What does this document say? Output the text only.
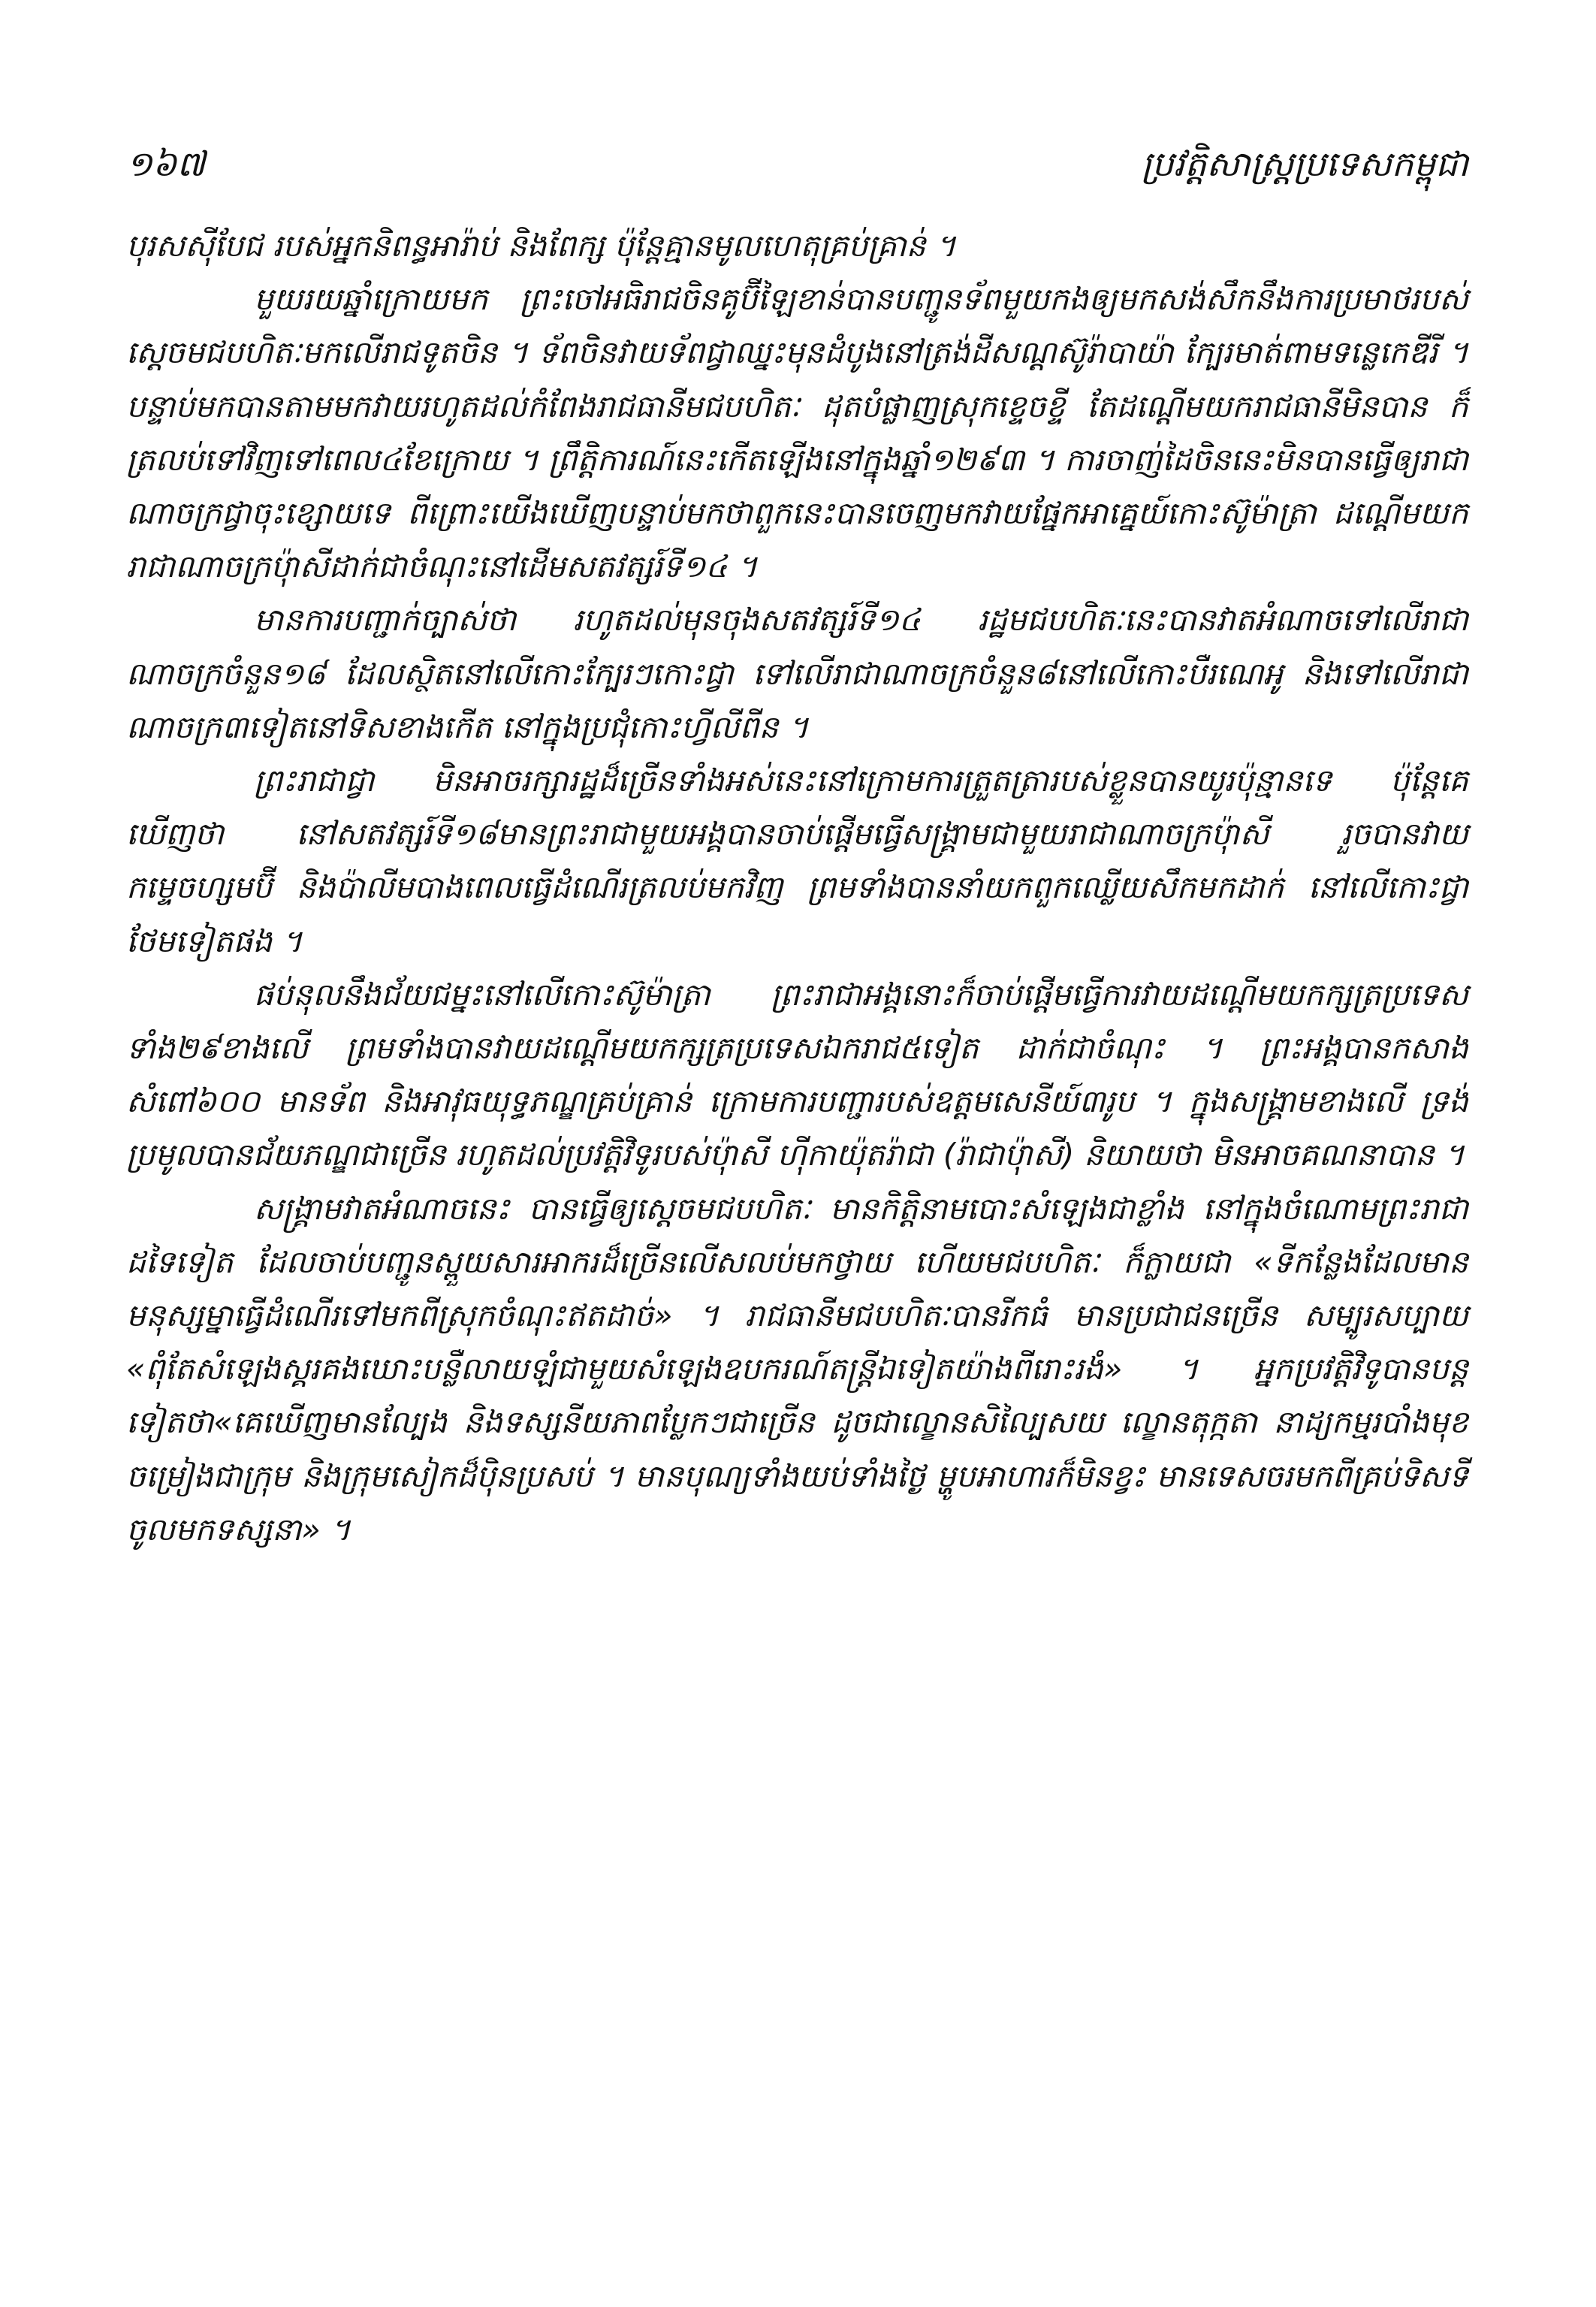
១៦៧	ប្រវត្តិសាស្ត្រប្រទេសកម្ពុជា

បុរសស៊ីបែជ របស់អ្នកនិពន្ធអារ៉ាប់ និងពែក្ស ប៉ុន្តែគ្មានមូលហេតុគ្រប់គ្រាន់ ។

មួយរយឆ្នាំក្រោយមក ព្រះចៅអធិរាជចិនគូប៊ីឡៃខាន់បានបញ្ជូនទ័ពមួយកងឲ្យមកសង់សឹកនឹងការប្រមាថរបស់ស្តេចមជបហិតៈមកលើរាជទូតចិន ។ ទ័ពចិនវាយទ័ពជ្វាឈ្នះមុនដំបូងនៅត្រង់ដីសណ្តស៊ូរ៉ាបាយ៉ា ក្បែរមាត់ពាមទន្លេកេឌីរី ។ បន្ទាប់មកបានតាមមកវាយរហូតដល់កំពែងរាជធានីមជបហិតៈ ដុតបំផ្លាញស្រុកខ្ទេចខ្ទី តែដណ្តើមយករាជធានីមិនបាន ក៏ត្រលប់ទៅវិញទៅពេល៤ខែក្រោយ ។ ព្រឹត្តិការណ៍នេះកើតឡើងនៅក្នុងឆ្នាំ១២៩៣ ។ ការចាញ់ដៃចិននេះមិនបានធ្វើឲ្យរាជាណាចក្រជ្វាចុះខ្សោយទេ ពីព្រោះយើងឃើញបន្ទាប់មកថាពួកនេះបានចេញមកវាយផ្នែកអាគ្នេយ៍កោះស៊ូម៉ាត្រា ដណ្តើមយករាជាណាចក្រប៉ុាសីដាក់ជាចំណុះនៅដើមសតវត្សរ៍ទី១៤ ។

មានការបញ្ជាក់ច្បាស់ថា រហូតដល់មុនចុងសតវត្សរ៍ទី១៤ រដ្ឋមជបហិតៈនេះបានវាតអំណាចទៅលើរាជាណាចក្រចំនួន១៨ ដែលស្ថិតនៅលើកោះក្បែរៗកោះជ្វា ទៅលើរាជាណាចក្រចំនួន៨នៅលើកោះបឺរណេអូ និងទៅលើរាជាណាចក្រ៣ទៀតនៅទិសខាងកើត នៅក្នុងប្រជុំកោះហ្វីលីពីន ។

ព្រះរាជាជ្វា មិនអាចរក្សារដ្ឋដ៏ច្រើនទាំងអស់នេះនៅក្រោមការត្រួតត្រារបស់ខ្លួនបានយូរប៉ុន្មានទេ ប៉ុន្តែគេឃើញថា នៅសតវត្សរ៍ទី១៨មានព្រះរាជាមួយអង្គបានចាប់ផ្តើមធ្វើសង្គ្រាមជាមួយរាជាណាចក្រប៉ុាសី រួចបានវាយកម្ទេចហ្សមប៊ី និងប៉ាលីមបាងពេលធ្វើដំណើរត្រលប់មកវិញ ព្រមទាំងបាននាំយកពួកឈ្លើយសឹកមកដាក់ នៅលើកោះជ្វា ថែមទៀតផង ។

ផប់នុលនឹងជ័យជម្នះនៅលើកោះស៊ូម៉ាត្រា ព្រះរាជាអង្គនោះក៏ចាប់ផ្តើមធ្វើការវាយដណ្តើមយកក្សត្រប្រទេសទាំង២៩ខាងលើ ព្រមទាំងបានវាយដណ្តើមយកក្សត្រប្រទេសឯករាជ៥ទៀត ដាក់ជាចំណុះ ។ ព្រះអង្គបានកសាងសំពៅ៦០០ មានទ័ព និងអាវុធយុទ្ធភណ្ឌគ្រប់គ្រាន់ ក្រោមការបញ្ជារបស់ឧត្តមសេនីយ៍៣រូប ។ ក្នុងសង្គ្រាមខាងលើ ទ្រង់ប្រមូលបានជ័យភណ្ឌជាច្រើន រហូតដល់ប្រវត្តិវិទូរបស់ប៉ុាសី ហ៊ីកាយ៉ុតរ៉ាជា (រ៉ាជាប៉ុាសី) និយាយថា មិនអាចគណនាបាន ។

សង្គ្រាមវាតអំណាចនេះ បានធ្វើឲ្យស្តេចមជបហិតៈ មានកិត្តិនាមបោះសំឡេងជាខ្លាំង នៅក្នុងចំណោមព្រះរាជាដទៃទៀត ដែលចាប់បញ្ជូនស្ពួយសារអាករដ៏ច្រើនលើសលប់មកថ្វាយ ហើយមជបហិតៈ ក៏ក្លាយជា «ទីកន្លែងដែលមានមនុស្សម្នាធ្វើដំណើរទៅមកពីស្រុកចំណុះឥតដាច់» ។ រាជធានីមជបហិតៈបានរីកធំ មានប្រជាជនច្រើន សម្បូរសប្បាយ «ពុំតែសំឡេងស្គរគងឃោះបន្លឺលាយឡំជាមួយសំឡេងឧបករណ៍តន្ត្រីឯទៀតយ៉ាងពីរោះរងំ» ។ អ្នកប្រវត្តិវិទូបានបន្តទៀតថា«គេឃើញមានល្បែង និងទស្សនីយភាពប្លែកៗជាច្រើន ដូចជាល្ខោនសិល្បៃសយ ល្ខោនតុក្កតា នាដ្យកម្មរបាំងមុខ ចម្រៀងជាក្រុម និងក្រុមសៀកដ៏ប៉ិនប្រសប់ ។ មានបុណ្យទាំងយប់ទាំងថ្ងៃ ម្ហូបអាហារក៏មិនខ្វះ មានទេសចរមកពីគ្រប់ទិសទីចូលមកទស្សនា» ។
